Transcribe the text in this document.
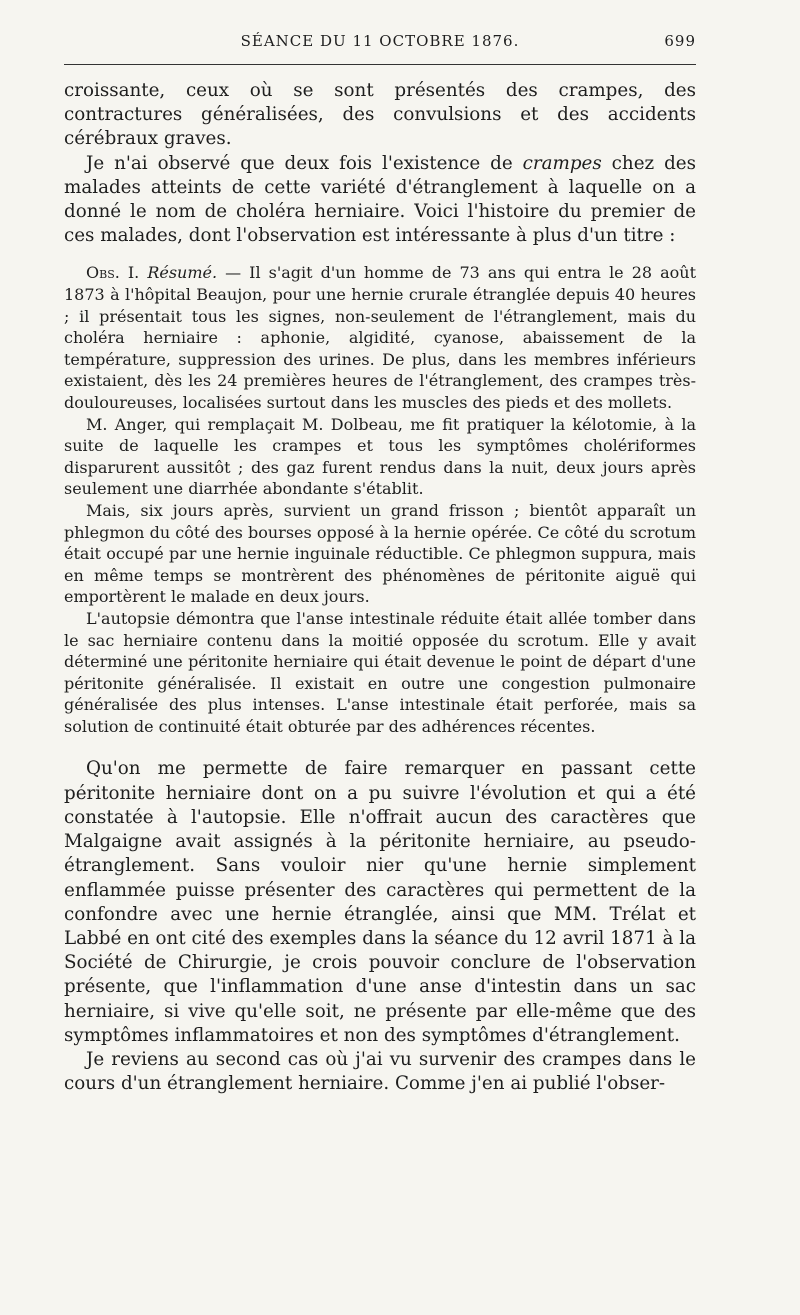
SÉANCE DU 11 OCTOBRE 1876.	699

croissante, ceux où se sont présentés des crampes, des contractures généralisées, des convulsions et des accidents cérébraux graves.

Je n'ai observé que deux fois l'existence de crampes chez des malades atteints de cette variété d'étranglement à laquelle on a donné le nom de choléra herniaire. Voici l'histoire du premier de ces malades, dont l'observation est intéressante à plus d'un titre :

Obs. I. Résumé. — Il s'agit d'un homme de 73 ans qui entra le 28 août 1873 à l'hôpital Beaujon, pour une hernie crurale étranglée depuis 40 heures ; il présentait tous les signes, non-seulement de l'étranglement, mais du choléra herniaire : aphonie, algidité, cyanose, abaissement de la température, suppression des urines. De plus, dans les membres inférieurs existaient, dès les 24 premières heures de l'étranglement, des crampes très-douloureuses, localisées surtout dans les muscles des pieds et des mollets.

M. Anger, qui remplaçait M. Dolbeau, me fit pratiquer la kélotomie, à la suite de laquelle les crampes et tous les symptômes cholériformes disparurent aussitôt ; des gaz furent rendus dans la nuit, deux jours après seulement une diarrhée abondante s'établit.

Mais, six jours après, survient un grand frisson ; bientôt apparaît un phlegmon du côté des bourses opposé à la hernie opérée. Ce côté du scrotum était occupé par une hernie inguinale réductible. Ce phlegmon suppura, mais en même temps se montrèrent des phénomènes de péritonite aiguë qui emportèrent le malade en deux jours.

L'autopsie démontra que l'anse intestinale réduite était allée tomber dans le sac herniaire contenu dans la moitié opposée du scrotum. Elle y avait déterminé une péritonite herniaire qui était devenue le point de départ d'une péritonite généralisée. Il existait en outre une congestion pulmonaire généralisée des plus intenses. L'anse intestinale était perforée, mais sa solution de continuité était obturée par des adhérences récentes.

Qu'on me permette de faire remarquer en passant cette péritonite herniaire dont on a pu suivre l'évolution et qui a été constatée à l'autopsie. Elle n'offrait aucun des caractères que Malgaigne avait assignés à la péritonite herniaire, au pseudo-étranglement. Sans vouloir nier qu'une hernie simplement enflammée puisse présenter des caractères qui permettent de la confondre avec une hernie étranglée, ainsi que MM. Trélat et Labbé en ont cité des exemples dans la séance du 12 avril 1871 à la Société de Chirurgie, je crois pouvoir conclure de l'observation présente, que l'inflammation d'une anse d'intestin dans un sac herniaire, si vive qu'elle soit, ne présente par elle-même que des symptômes inflammatoires et non des symptômes d'étranglement.

Je reviens au second cas où j'ai vu survenir des crampes dans le cours d'un étranglement herniaire. Comme j'en ai publié l'obser-
